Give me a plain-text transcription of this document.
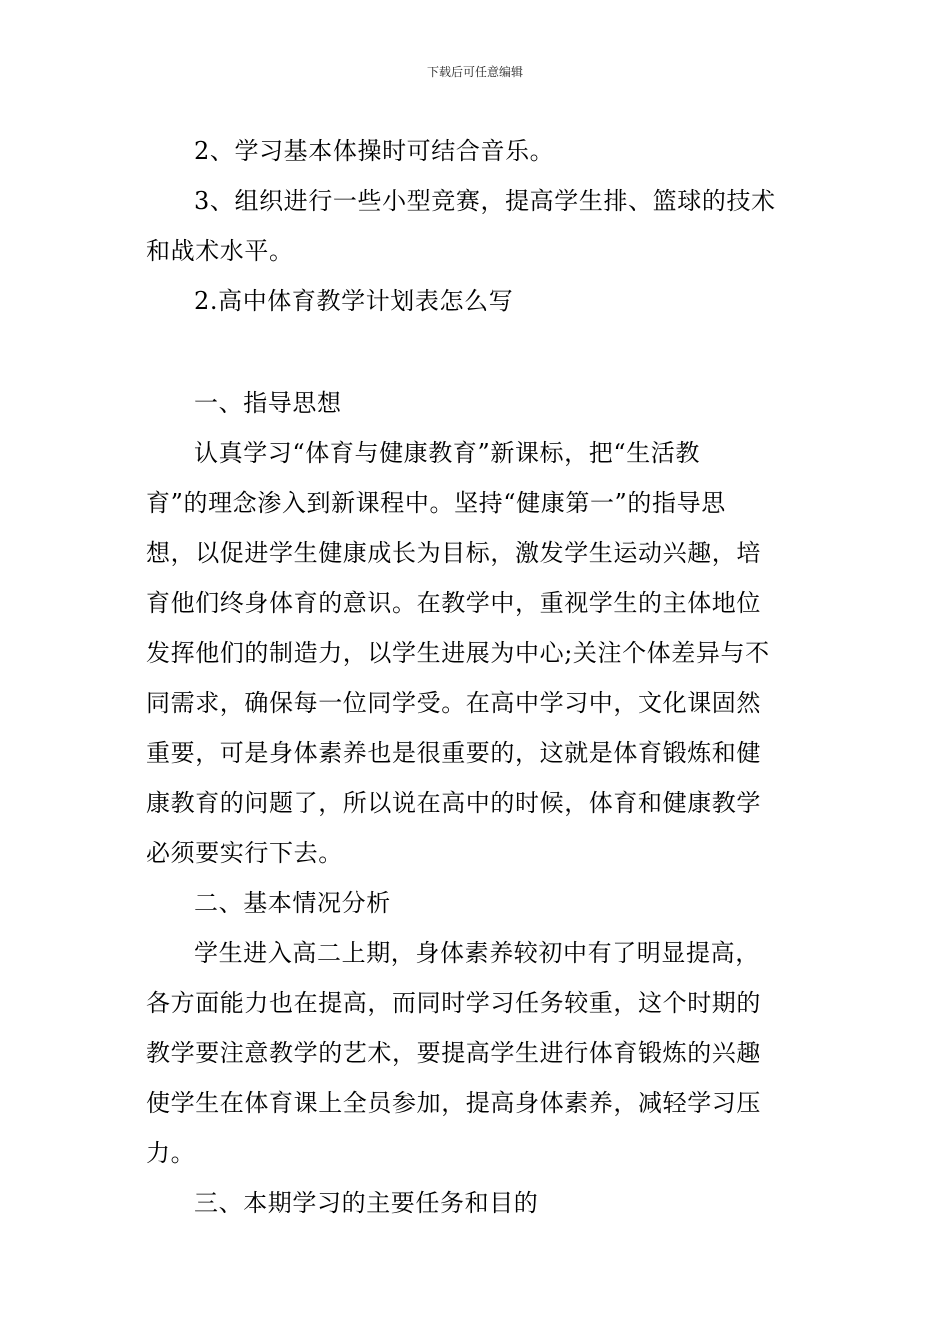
下载后可任意编辑

2、学习基本体操时可结合音乐。

3、组织进行一些小型竞赛，提高学生排、篮球的技术
和战术水平。

2.高中体育教学计划表怎么写

一、指导思想

认真学习“体育与健康教育”新课标，把“生活教
育”的理念渗入到新课程中。坚持“健康第一”的指导思
想，以促进学生健康成长为目标，激发学生运动兴趣，培
育他们终身体育的意识。在教学中，重视学生的主体地位
发挥他们的制造力，以学生进展为中心;关注个体差异与不
同需求，确保每一位同学受。在高中学习中，文化课固然
重要，可是身体素养也是很重要的，这就是体育锻炼和健
康教育的问题了，所以说在高中的时候，体育和健康教学
必须要实行下去。

二、基本情况分析

学生进入高二上期，身体素养较初中有了明显提高，
各方面能力也在提高，而同时学习任务较重，这个时期的
教学要注意教学的艺术，要提高学生进行体育锻炼的兴趣
使学生在体育课上全员参加，提高身体素养，减轻学习压
力。

三、本期学习的主要任务和目的
